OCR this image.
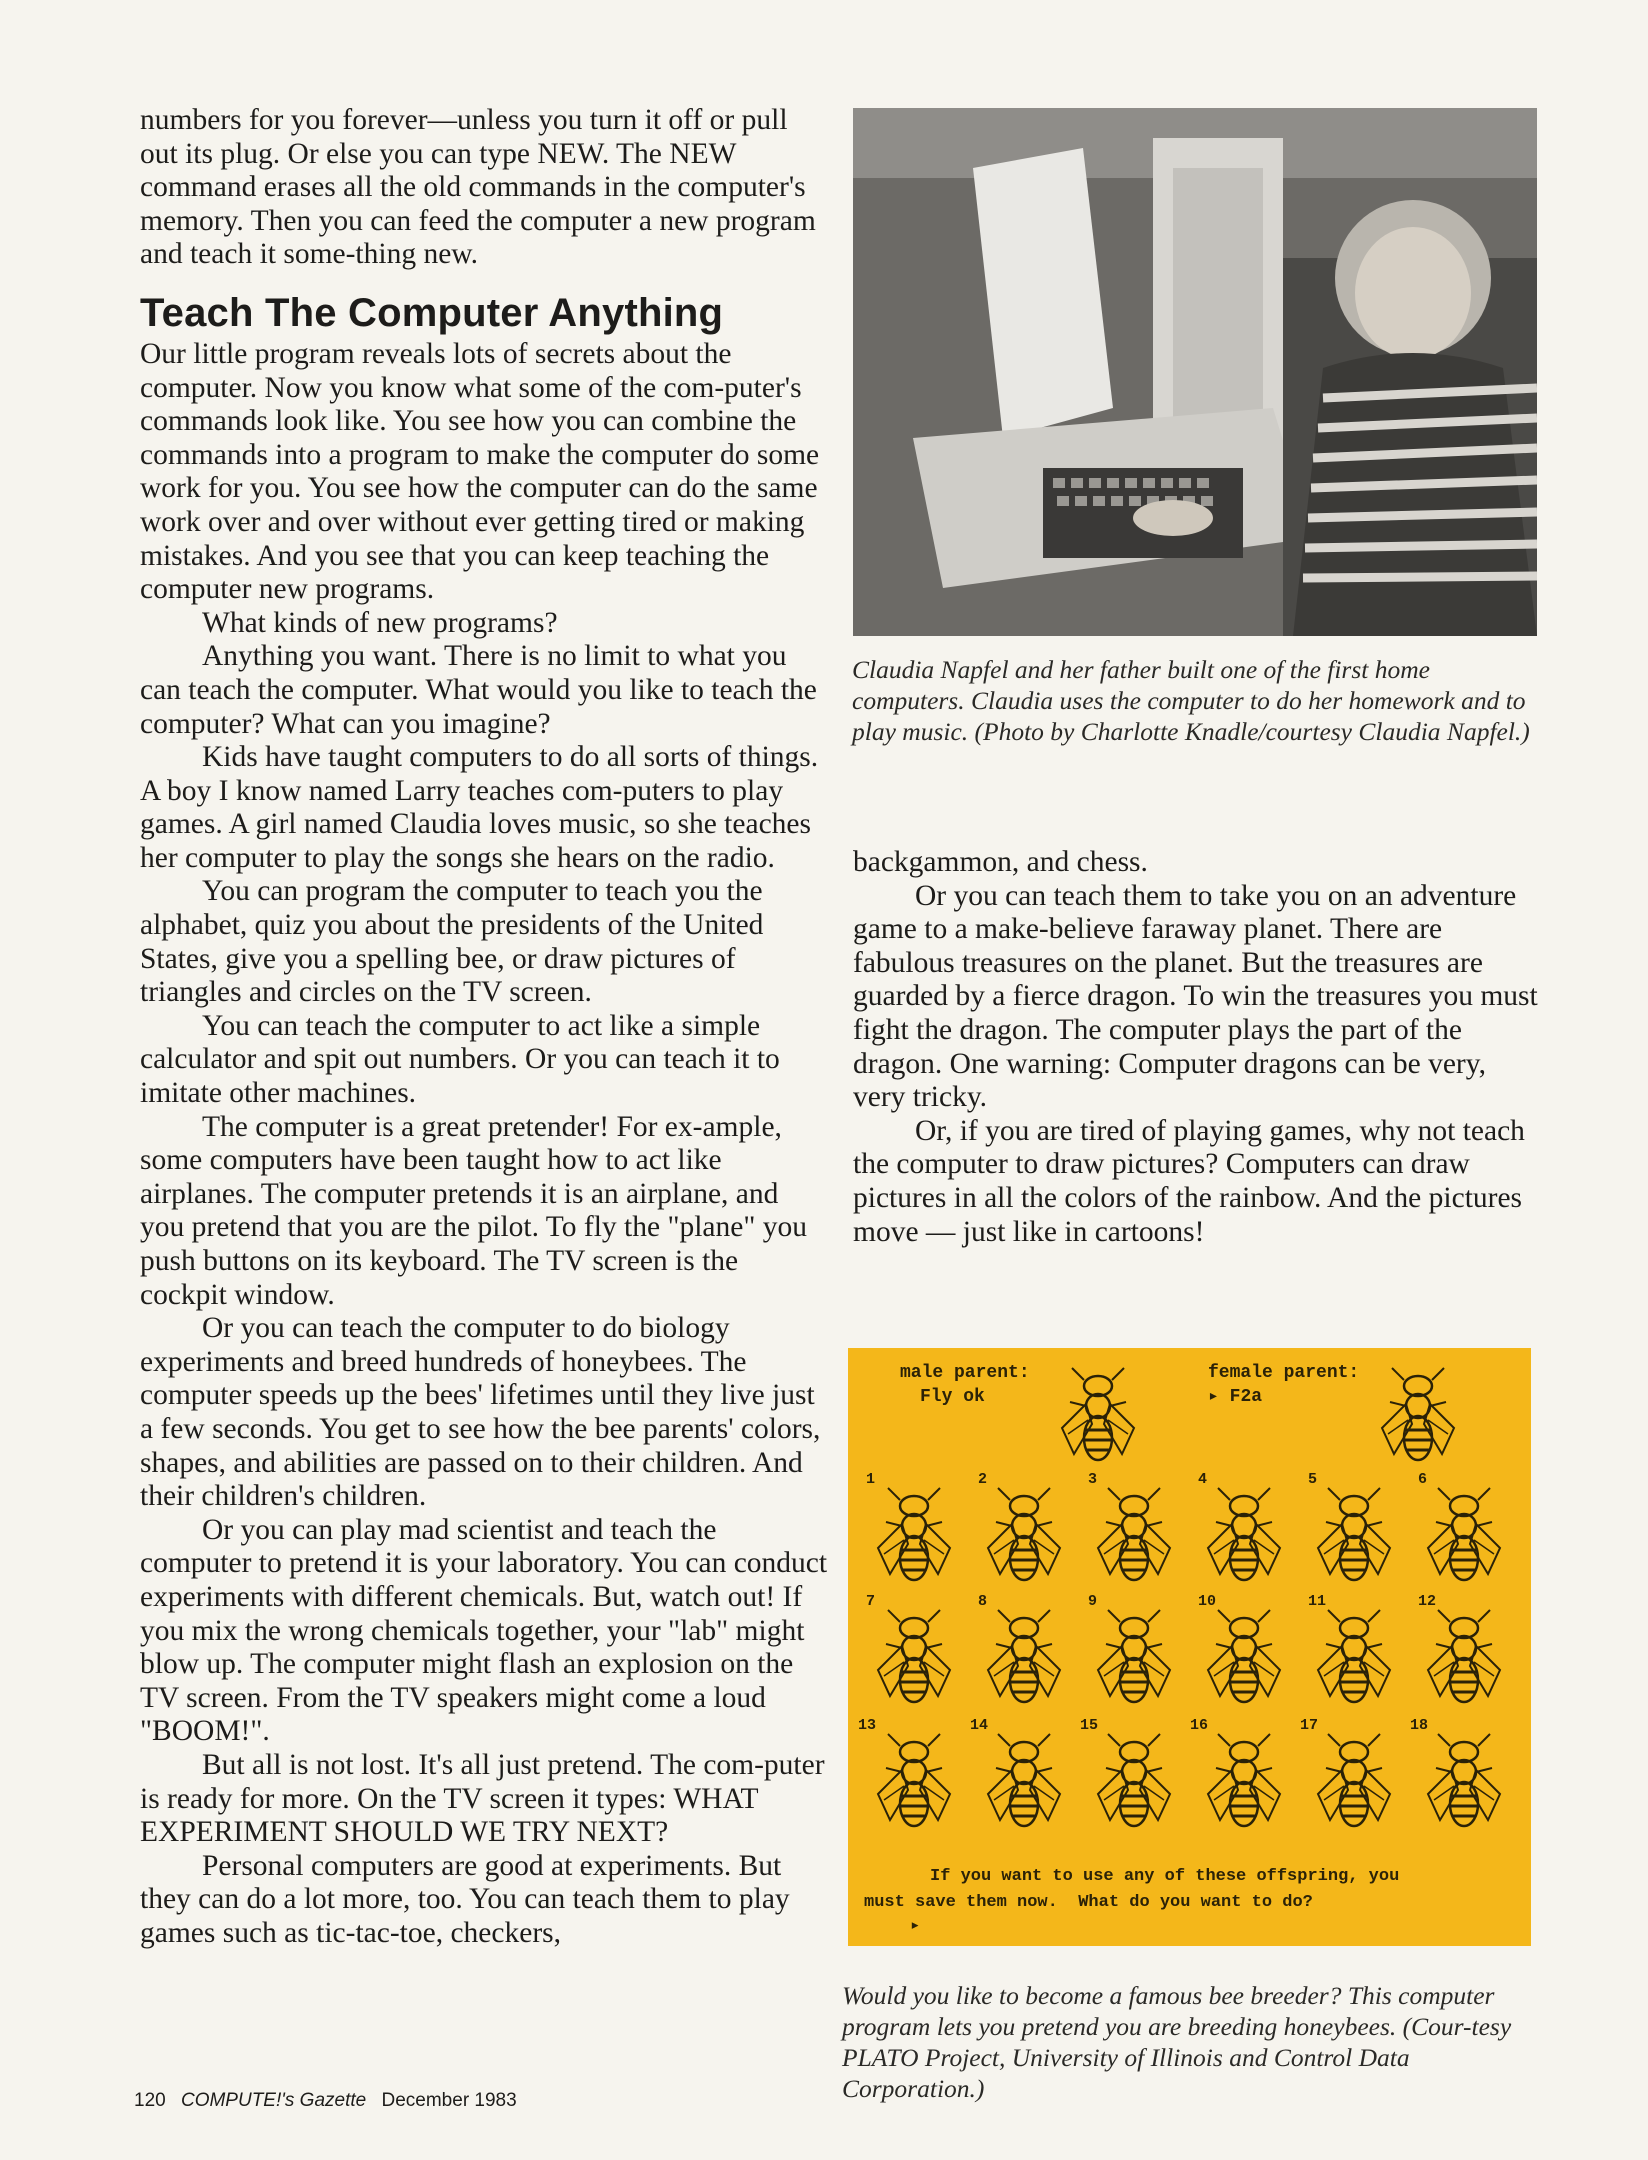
numbers for you forever—unless you turn it off or pull out its plug. Or else you can type NEW. The NEW command erases all the old commands in the computer's memory. Then you can feed the computer a new program and teach it some-thing new.

Teach The Computer Anything

Our little program reveals lots of secrets about the computer. Now you know what some of the com-puter's commands look like. You see how you can combine the commands into a program to make the computer do some work for you. You see how the computer can do the same work over and over without ever getting tired or making mistakes. And you see that you can keep teaching the computer new programs.

What kinds of new programs?

Anything you want. There is no limit to what you can teach the computer. What would you like to teach the computer? What can you imagine?

Kids have taught computers to do all sorts of things. A boy I know named Larry teaches com-puters to play games. A girl named Claudia loves music, so she teaches her computer to play the songs she hears on the radio.

You can program the computer to teach you the alphabet, quiz you about the presidents of the United States, give you a spelling bee, or draw pictures of triangles and circles on the TV screen.

You can teach the computer to act like a simple calculator and spit out numbers. Or you can teach it to imitate other machines.

The computer is a great pretender! For ex-ample, some computers have been taught how to act like airplanes. The computer pretends it is an airplane, and you pretend that you are the pilot. To fly the "plane" you push buttons on its keyboard. The TV screen is the cockpit window.

Or you can teach the computer to do biology experiments and breed hundreds of honeybees. The computer speeds up the bees' lifetimes until they live just a few seconds. You get to see how the bee parents' colors, shapes, and abilities are passed on to their children. And their children's children.

Or you can play mad scientist and teach the computer to pretend it is your laboratory. You can conduct experiments with different chemicals. But, watch out! If you mix the wrong chemicals together, your "lab" might blow up. The computer might flash an explosion on the TV screen. From the TV speakers might come a loud "BOOM!".

But all is not lost. It's all just pretend. The com-puter is ready for more. On the TV screen it types: WHAT EXPERIMENT SHOULD WE TRY NEXT?

Personal computers are good at experiments. But they can do a lot more, too. You can teach them to play games such as tic-tac-toe, checkers,

Claudia Napfel and her father built one of the first home computers. Claudia uses the computer to do her homework and to play music. (Photo by Charlotte Knadle/courtesy Claudia Napfel.)

backgammon, and chess.

Or you can teach them to take you on an adventure game to a make-believe faraway planet. There are fabulous treasures on the planet. But the treasures are guarded by a fierce dragon. To win the treasures you must fight the dragon. The computer plays the part of the dragon. One warning: Computer dragons can be very, very tricky.

Or, if you are tired of playing games, why not teach the computer to draw pictures? Computers can draw pictures in all the colors of the rainbow. And the pictures move — just like in cartoons!

male parent:
Fly ok
female parent:
▸ F2a
1	2	3	4	5	6
7	8	9	10	11	12
13	14	15	16	17	18
If you want to use any of these offspring, you
must save them now.  What do you want to do?
▸
Would you like to become a famous bee breeder? This computer program lets you pretend you are breeding honeybees. (Cour-tesy PLATO Project, University of Illinois and Control Data Corporation.)
120 COMPUTE!'s Gazette December 1983
